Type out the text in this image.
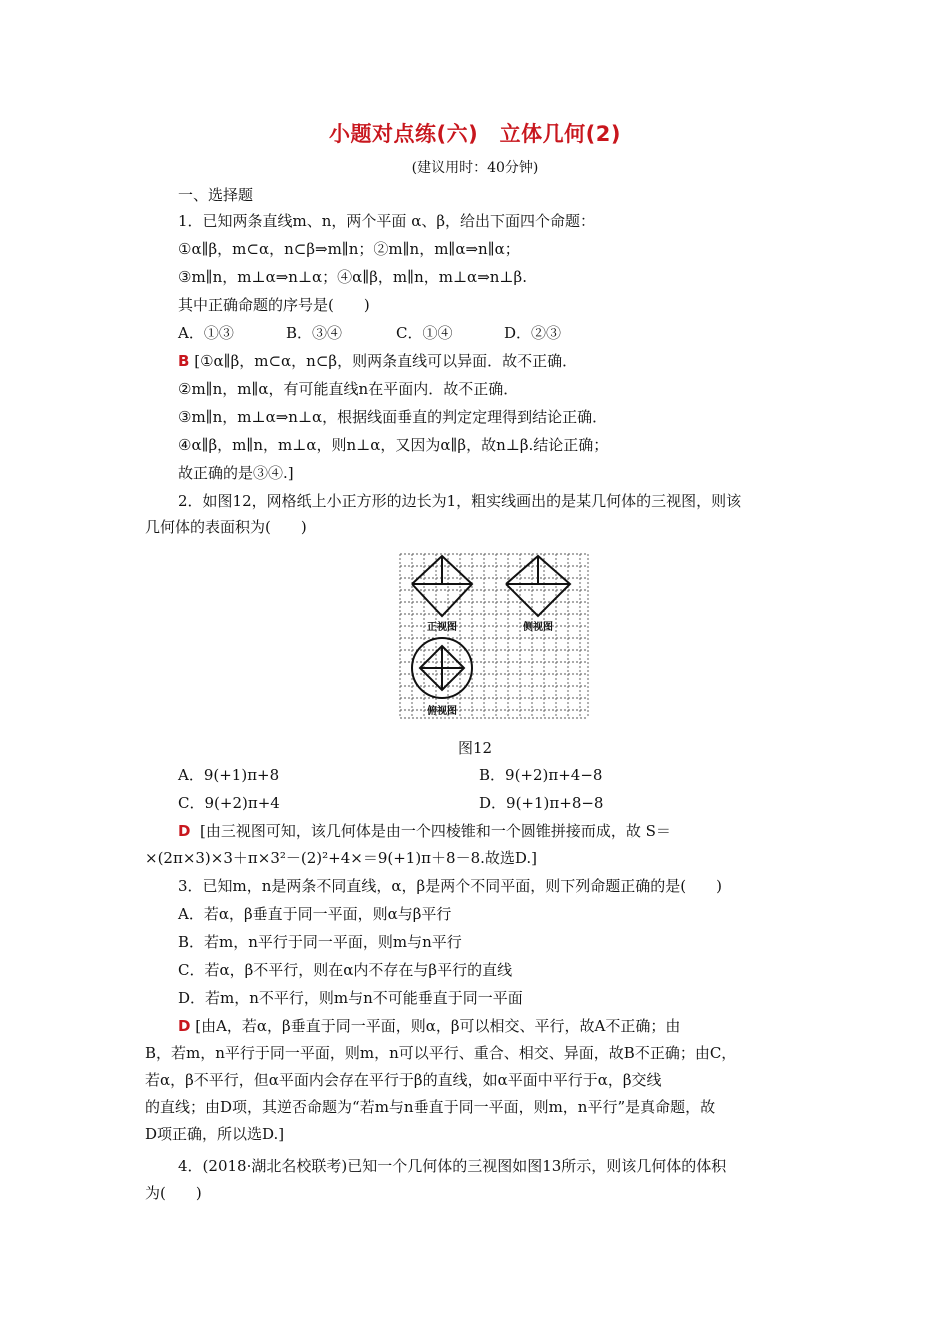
小题对点练(六)　立体几何(2)
(建议用时：40分钟)
一、选择题
1．已知两条直线m、n，两个平面 α、β，给出下面四个命题：
①α∥β，m⊂α，n⊂β⇒m∥n；②m∥n，m∥α⇒n∥α；
③m∥n，m⊥α⇒n⊥α；④α∥β，m∥n，m⊥α⇒n⊥β.
其中正确命题的序号是(　　)
A．①③	B．③④	C．①④	D．②③
B [①α∥β，m⊂α，n⊂β，则两条直线可以异面．故不正确．
②m∥n，m∥α，有可能直线n在平面内．故不正确．
③m∥n，m⊥α⇒n⊥α，根据线面垂直的判定定理得到结论正确．
④α∥β，m∥n，m⊥α，则n⊥α，又因为α∥β，故n⊥β.结论正确；
故正确的是③④.]
2．如图12，网格纸上小正方形的边长为1，粗实线画出的是某几何体的三视图，则该
几何体的表面积为(　　)
正视图	侧视图
俯视图
图12
A．9(+1)π+8	B．9(+2)π+4−8
C．9(+2)π+4	D．9(+1)π+8−8
D [由三视图可知，该几何体是由一个四棱锥和一个圆锥拼接而成，故 S＝
×(2π×3)×3＋π×3²－(2)²+4×＝9(+1)π＋8－8.故选D.]
3．已知m，n是两条不同直线，α，β是两个不同平面，则下列命题正确的是(　　)
A．若α，β垂直于同一平面，则α与β平行
B．若m，n平行于同一平面，则m与n平行
C．若α，β不平行，则在α内不存在与β平行的直线
D．若m，n不平行，则m与n不可能垂直于同一平面
D [由A，若α，β垂直于同一平面，则α，β可以相交、平行，故A不正确；由
B，若m，n平行于同一平面，则m，n可以平行、重合、相交、异面，故B不正确；由C，
若α，β不平行，但α平面内会存在平行于β的直线，如α平面中平行于α，β交线
的直线；由D项，其逆否命题为“若m与n垂直于同一平面，则m，n平行”是真命题，故
D项正确，所以选D.]
4．(2018·湖北名校联考)已知一个几何体的三视图如图13所示，则该几何体的体积
为(　　)
